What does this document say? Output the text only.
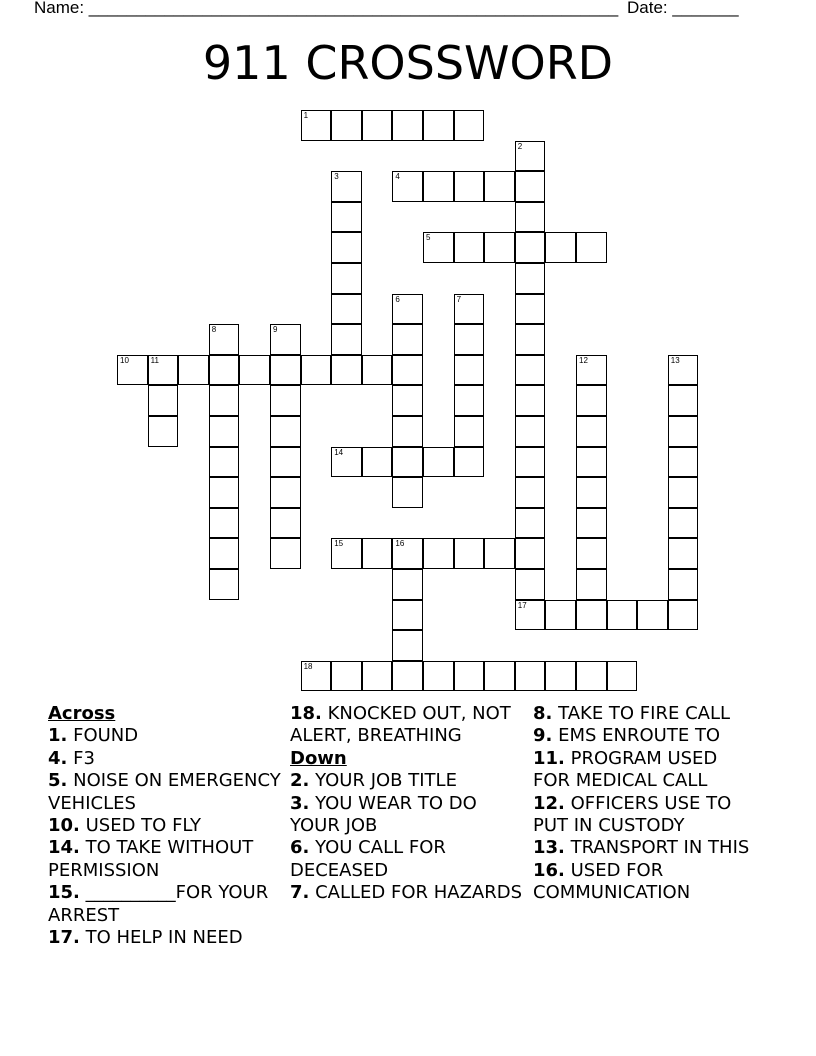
Name: ________________________________________________________ Date: _______
911 CROSSWORD
1
2
17
3	4
5
6	7
8	9
10	11	12	13
14
15	16
18
Across
1. FOUND
4. F3
5. NOISE ON EMERGENCY VEHICLES
10. USED TO FLY
14. TO TAKE WITHOUT PERMISSION
15. __________FOR YOUR ARREST
17. TO HELP IN NEED
18. KNOCKED OUT, NOT ALERT, BREATHING
Down
2. YOUR JOB TITLE
3. YOU WEAR TO DO YOUR JOB
6. YOU CALL FOR DECEASED
7. CALLED FOR HAZARDS
8. TAKE TO FIRE CALL
9. EMS ENROUTE TO
11. PROGRAM USED FOR MEDICAL CALL
12. OFFICERS USE TO PUT IN CUSTODY
13. TRANSPORT IN THIS
16. USED FOR COMMUNICATION
